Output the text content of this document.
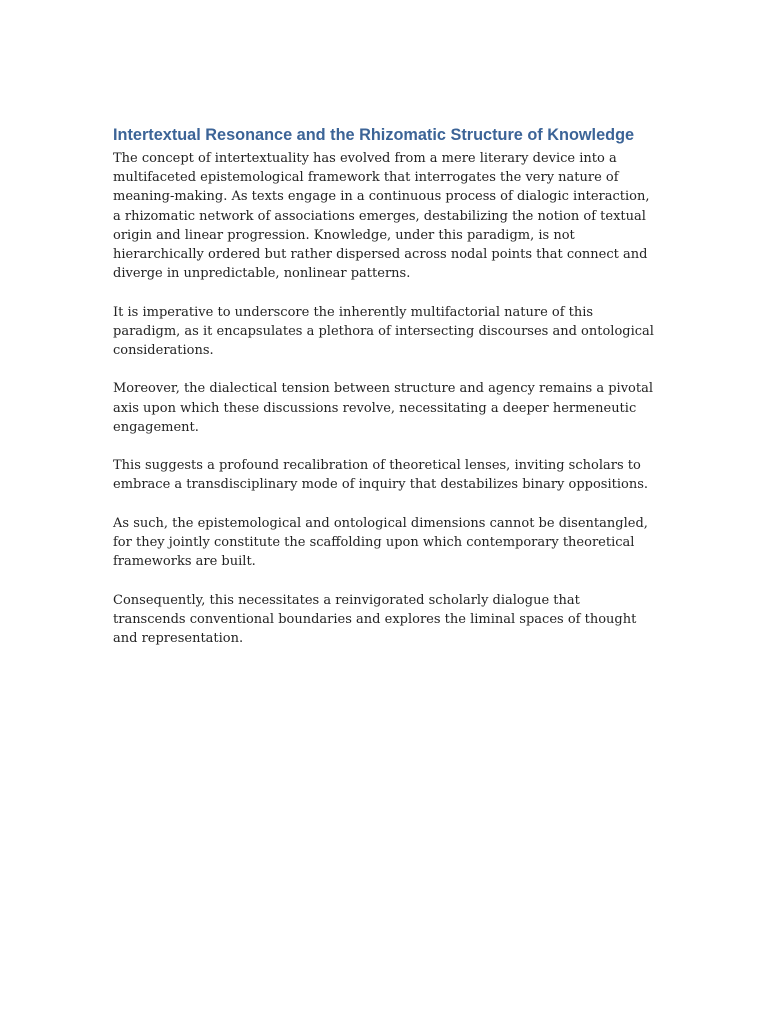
Intertextual Resonance and the Rhizomatic Structure of Knowledge

The concept of intertextuality has evolved from a mere literary device into a multifaceted epistemological framework that interrogates the very nature of meaning-making. As texts engage in a continuous process of dialogic interaction, a rhizomatic network of associations emerges, destabilizing the notion of textual origin and linear progression. Knowledge, under this paradigm, is not hierarchically ordered but rather dispersed across nodal points that connect and diverge in unpredictable, nonlinear patterns.

It is imperative to underscore the inherently multifactorial nature of this paradigm, as it encapsulates a plethora of intersecting discourses and ontological considerations.

Moreover, the dialectical tension between structure and agency remains a pivotal axis upon which these discussions revolve, necessitating a deeper hermeneutic engagement.

This suggests a profound recalibration of theoretical lenses, inviting scholars to embrace a transdisciplinary mode of inquiry that destabilizes binary oppositions.

As such, the epistemological and ontological dimensions cannot be disentangled, for they jointly constitute the scaffolding upon which contemporary theoretical frameworks are built.

Consequently, this necessitates a reinvigorated scholarly dialogue that transcends conventional boundaries and explores the liminal spaces of thought and representation.
